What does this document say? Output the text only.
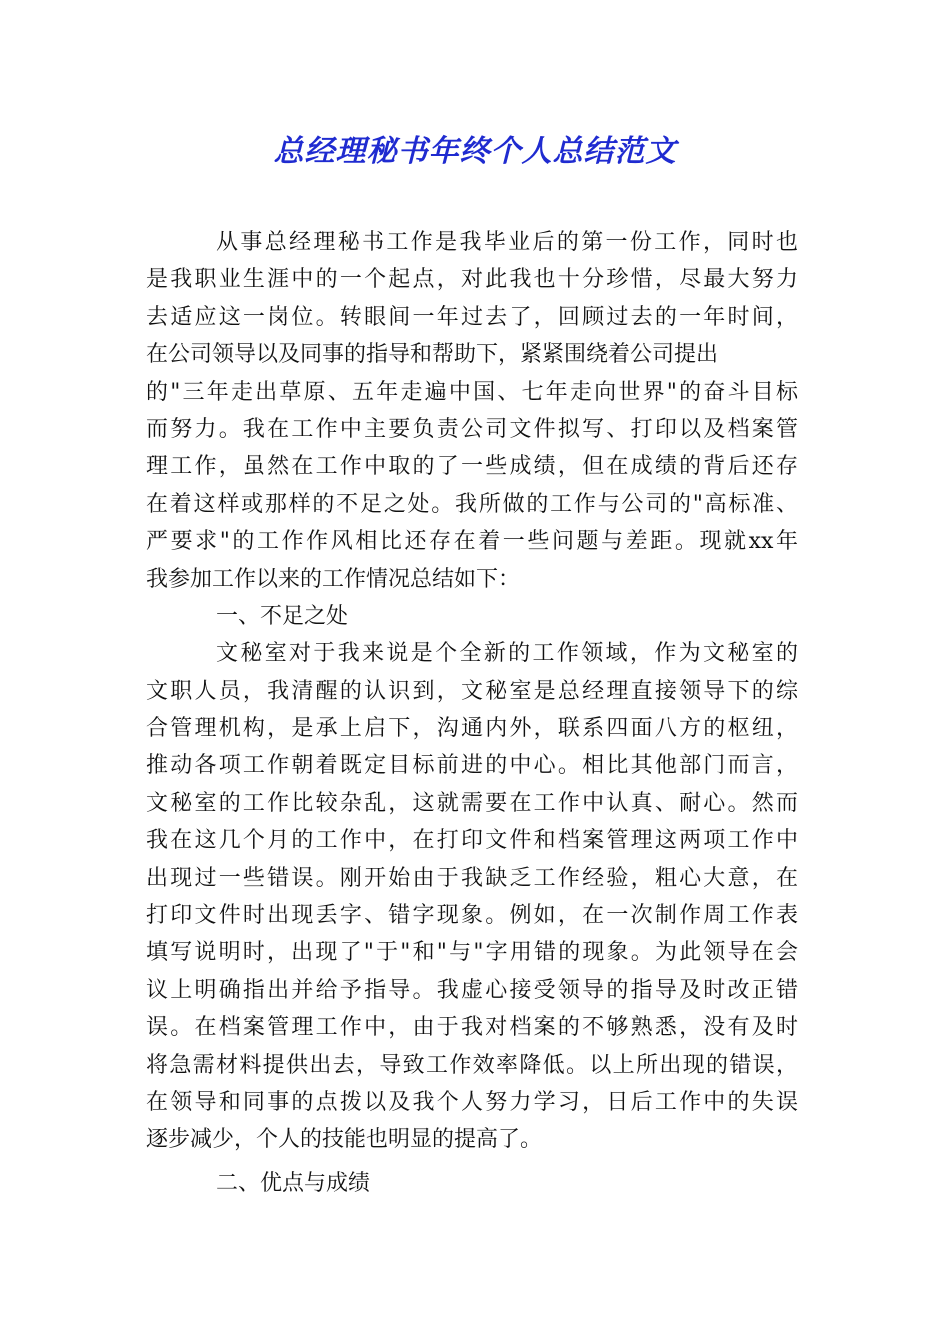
总经理秘书年终个人总结范文
从事总经理秘书工作是我毕业后的第一份工作，同时也
是我职业生涯中的一个起点，对此我也十分珍惜，尽最大努力
去适应这一岗位。转眼间一年过去了，回顾过去的一年时间，
在公司领导以及同事的指导和帮助下，紧紧围绕着公司提出
的"三年走出草原、五年走遍中国、七年走向世界"的奋斗目标
而努力。我在工作中主要负责公司文件拟写、打印以及档案管
理工作，虽然在工作中取的了一些成绩，但在成绩的背后还存
在着这样或那样的不足之处。我所做的工作与公司的"高标准、
严要求"的工作作风相比还存在着一些问题与差距。现就xx年
我参加工作以来的工作情况总结如下：
一、不足之处
文秘室对于我来说是个全新的工作领域，作为文秘室的
文职人员，我清醒的认识到，文秘室是总经理直接领导下的综
合管理机构，是承上启下，沟通内外，联系四面八方的枢纽，
推动各项工作朝着既定目标前进的中心。相比其他部门而言，
文秘室的工作比较杂乱，这就需要在工作中认真、耐心。然而
我在这几个月的工作中，在打印文件和档案管理这两项工作中
出现过一些错误。刚开始由于我缺乏工作经验，粗心大意，在
打印文件时出现丢字、错字现象。例如，在一次制作周工作表
填写说明时，出现了"于"和"与"字用错的现象。为此领导在会
议上明确指出并给予指导。我虚心接受领导的指导及时改正错
误。在档案管理工作中，由于我对档案的不够熟悉，没有及时
将急需材料提供出去，导致工作效率降低。以上所出现的错误，
在领导和同事的点拨以及我个人努力学习，日后工作中的失误
逐步减少，个人的技能也明显的提高了。
二、优点与成绩
